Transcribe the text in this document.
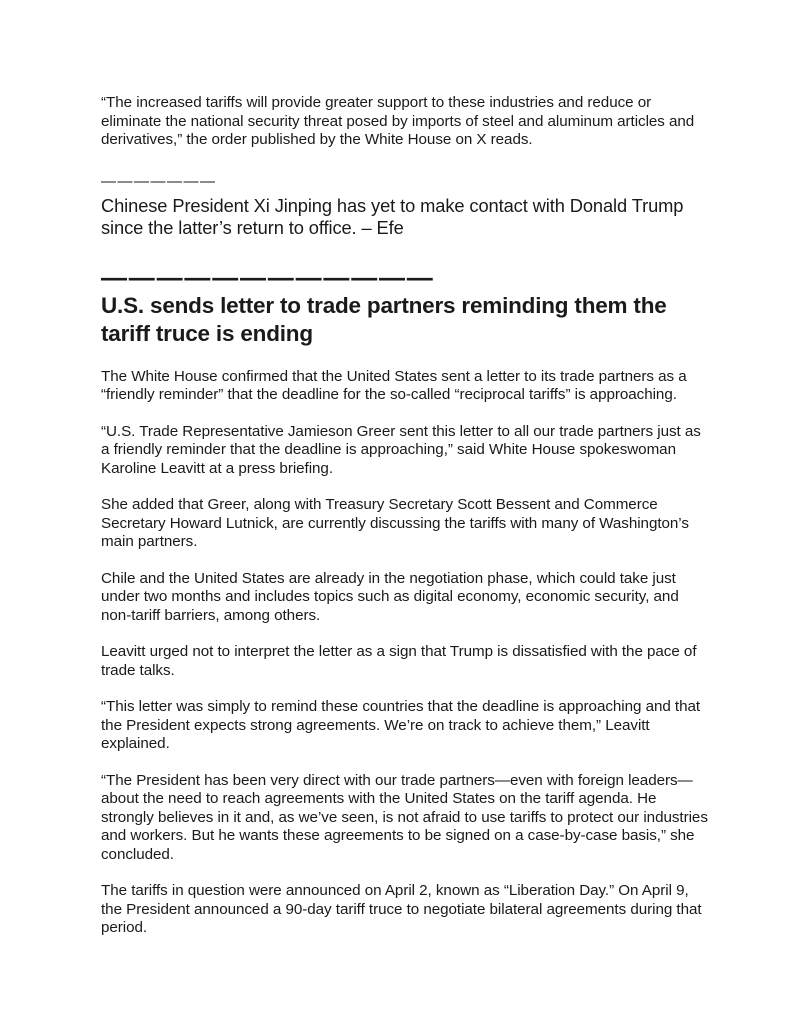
“The increased tariffs will provide greater support to these industries and reduce or eliminate the national security threat posed by imports of steel and aluminum articles and derivatives,” the order published by the White House on X reads.

———————

Chinese President Xi Jinping has yet to make contact with Donald Trump since the latter’s return to office. – Efe

————————————
U.S. sends letter to trade partners reminding them the tariff truce is ending

The White House confirmed that the United States sent a letter to its trade partners as a “friendly reminder” that the deadline for the so-called “reciprocal tariffs” is approaching.

“U.S. Trade Representative Jamieson Greer sent this letter to all our trade partners just as a friendly reminder that the deadline is approaching,” said White House spokeswoman Karoline Leavitt at a press briefing.

She added that Greer, along with Treasury Secretary Scott Bessent and Commerce Secretary Howard Lutnick, are currently discussing the tariffs with many of Washington’s main partners.

Chile and the United States are already in the negotiation phase, which could take just under two months and includes topics such as digital economy, economic security, and non-tariff barriers, among others.

Leavitt urged not to interpret the letter as a sign that Trump is dissatisfied with the pace of trade talks.

“This letter was simply to remind these countries that the deadline is approaching and that the President expects strong agreements. We’re on track to achieve them,” Leavitt explained.

“The President has been very direct with our trade partners—even with foreign leaders—about the need to reach agreements with the United States on the tariff agenda. He strongly believes in it and, as we’ve seen, is not afraid to use tariffs to protect our industries and workers. But he wants these agreements to be signed on a case-by-case basis,” she concluded.

The tariffs in question were announced on April 2, known as “Liberation Day.” On April 9, the President announced a 90-day tariff truce to negotiate bilateral agreements during that period.
